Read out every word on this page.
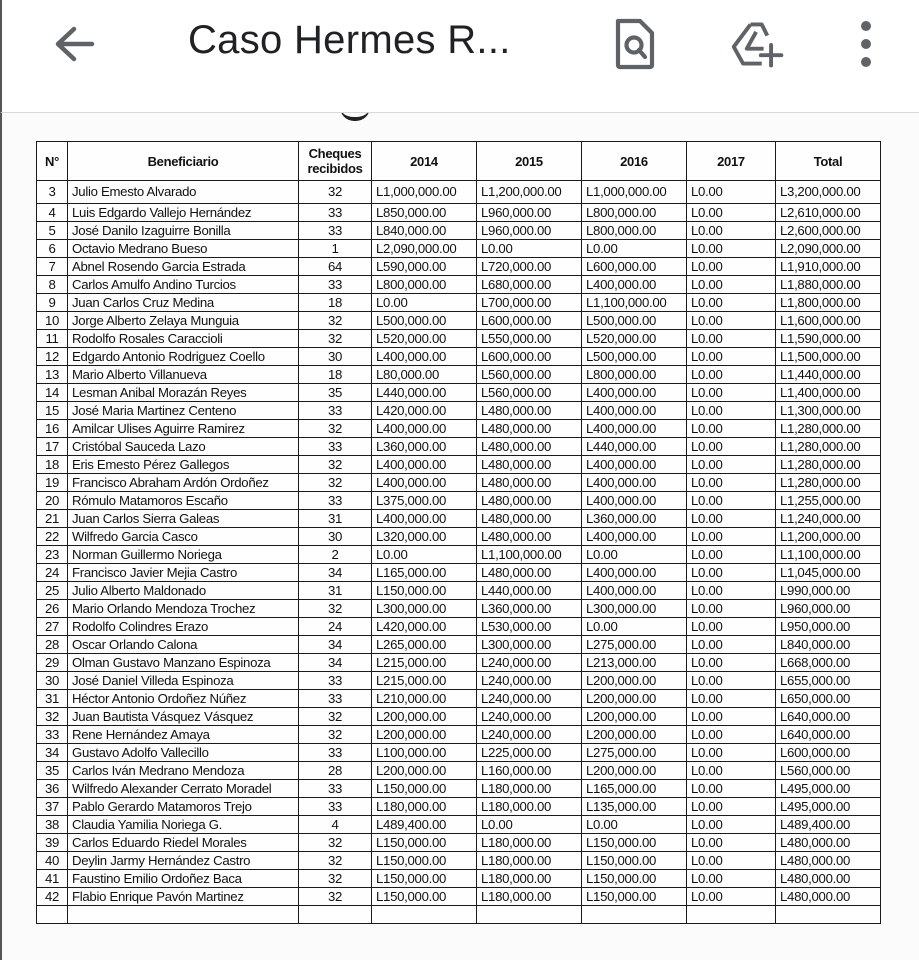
Caso Hermes R...
N°	Beneficiario	Cheques recibidos	2014	2015	2016	2017	Total
3	Julio Emesto Alvarado	32	L1,000,000.00	L1,200,000.00	L1,000,000.00	L0.00	L3,200,000.00
4	Luis Edgardo Vallejo Hernández	33	L850,000.00	L960,000.00	L800,000.00	L0.00	L2,610,000.00
5	José Danilo Izaguirre Bonilla	33	L840,000.00	L960,000.00	L800,000.00	L0.00	L2,600,000.00
6	Octavio Medrano Bueso	1	L2,090,000.00	L0.00	L0.00	L0.00	L2,090,000.00
7	Abnel Rosendo Garcia Estrada	64	L590,000.00	L720,000.00	L600,000.00	L0.00	L1,910,000.00
8	Carlos Amulfo Andino Turcios	33	L800,000.00	L680,000.00	L400,000.00	L0.00	L1,880,000.00
9	Juan Carlos Cruz Medina	18	L0.00	L700,000.00	L1,100,000.00	L0.00	L1,800,000.00
10	Jorge Alberto Zelaya Munguia	32	L500,000.00	L600,000.00	L500,000.00	L0.00	L1,600,000.00
11	Rodolfo Rosales Caraccioli	32	L520,000.00	L550,000.00	L520,000.00	L0.00	L1,590,000.00
12	Edgardo Antonio Rodriguez Coello	30	L400,000.00	L600,000.00	L500,000.00	L0.00	L1,500,000.00
13	Mario Alberto Villanueva	18	L80,000.00	L560,000.00	L800,000.00	L0.00	L1,440,000.00
14	Lesman Anibal Morazán Reyes	35	L440,000.00	L560,000.00	L400,000.00	L0.00	L1,400,000.00
15	José Maria Martinez Centeno	33	L420,000.00	L480,000.00	L400,000.00	L0.00	L1,300,000.00
16	Amilcar Ulises Aguirre Ramirez	32	L400,000.00	L480,000.00	L400,000.00	L0.00	L1,280,000.00
17	Cristóbal Sauceda Lazo	33	L360,000.00	L480,000.00	L440,000.00	L0.00	L1,280,000.00
18	Eris Emesto Pérez Gallegos	32	L400,000.00	L480,000.00	L400,000.00	L0.00	L1,280,000.00
19	Francisco Abraham Ardón Ordoñez	32	L400,000.00	L480,000.00	L400,000.00	L0.00	L1,280,000.00
20	Rómulo Matamoros Escaño	33	L375,000.00	L480,000.00	L400,000.00	L0.00	L1,255,000.00
21	Juan Carlos Sierra Galeas	31	L400,000.00	L480,000.00	L360,000.00	L0.00	L1,240,000.00
22	Wilfredo Garcia Casco	30	L320,000.00	L480,000.00	L400,000.00	L0.00	L1,200,000.00
23	Norman Guillermo Noriega	2	L0.00	L1,100,000.00	L0.00	L0.00	L1,100,000.00
24	Francisco Javier Mejia Castro	34	L165,000.00	L480,000.00	L400,000.00	L0.00	L1,045,000.00
25	Julio Alberto Maldonado	31	L150,000.00	L440,000.00	L400,000.00	L0.00	L990,000.00
26	Mario Orlando Mendoza Trochez	32	L300,000.00	L360,000.00	L300,000.00	L0.00	L960,000.00
27	Rodolfo Colindres Erazo	24	L420,000.00	L530,000.00	L0.00	L0.00	L950,000.00
28	Oscar Orlando Calona	34	L265,000.00	L300,000.00	L275,000.00	L0.00	L840,000.00
29	Olman Gustavo Manzano Espinoza	34	L215,000.00	L240,000.00	L213,000.00	L0.00	L668,000.00
30	José Daniel Villeda Espinoza	33	L215,000.00	L240,000.00	L200,000.00	L0.00	L655,000.00
31	Héctor Antonio Ordoñez Núñez	33	L210,000.00	L240,000.00	L200,000.00	L0.00	L650,000.00
32	Juan Bautista Vásquez Vásquez	32	L200,000.00	L240,000.00	L200,000.00	L0.00	L640,000.00
33	Rene Hernández Amaya	32	L200,000.00	L240,000.00	L200,000.00	L0.00	L640,000.00
34	Gustavo Adolfo Vallecillo	33	L100,000.00	L225,000.00	L275,000.00	L0.00	L600,000.00
35	Carlos Iván Medrano Mendoza	28	L200,000.00	L160,000.00	L200,000.00	L0.00	L560,000.00
36	Wilfredo Alexander Cerrato Moradel	33	L150,000.00	L180,000.00	L165,000.00	L0.00	L495,000.00
37	Pablo Gerardo Matamoros Trejo	33	L180,000.00	L180,000.00	L135,000.00	L0.00	L495,000.00
38	Claudia Yamilia Noriega G.	4	L489,400.00	L0.00	L0.00	L0.00	L489,400.00
39	Carlos Eduardo Riedel Morales	32	L150,000.00	L180,000.00	L150,000.00	L0.00	L480,000.00
40	Deylin Jarmy Hernández Castro	32	L150,000.00	L180,000.00	L150,000.00	L0.00	L480,000.00
41	Faustino Emilio Ordoñez Baca	32	L150,000.00	L180,000.00	L150,000.00	L0.00	L480,000.00
42	Flabio Enrique Pavón Martinez	32	L150,000.00	L180,000.00	L150,000.00	L0.00	L480,000.00
